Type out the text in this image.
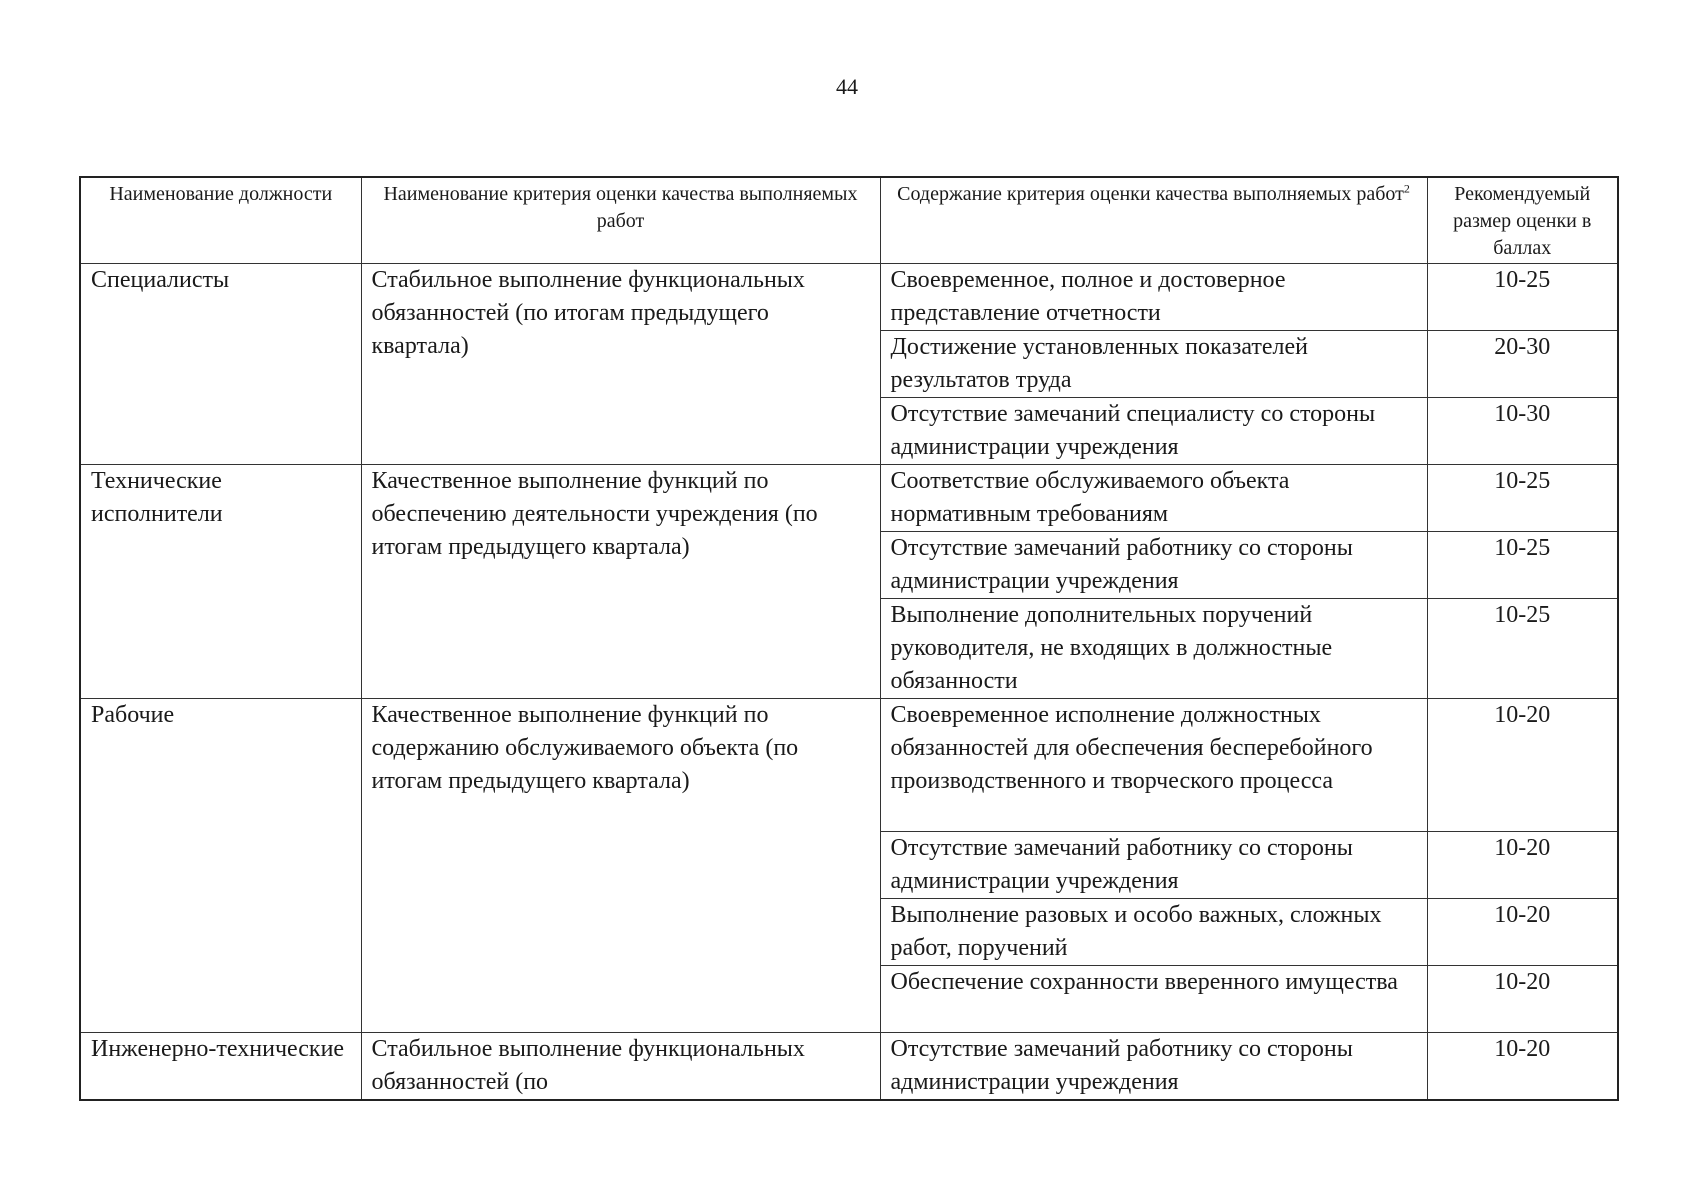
44
Наименование должности	Наименование критерия оценки качества выполняемых работ	Содержание критерия оценки качества выполняемых работ$^2$	Рекомендуемый размер оценки в баллах
Специалисты	Стабильное выполнение функциональных обязанностей (по итогам предыдущего квартала)	Своевременное, полное и достоверное представление отчетности	10-25
		Достижение установленных показателей результатов труда	20-30
		Отсутствие замечаний специалисту со стороны администрации учреждения	10-30
Технические исполнители	Качественное выполнение функций по обеспечению деятельности учреждения (по итогам предыдущего квартала)	Соответствие обслуживаемого объекта нормативным требованиям	10-25
		Отсутствие замечаний работнику со стороны администрации учреждения	10-25
		Выполнение дополнительных поручений руководителя, не входящих в должностные обязанности	10-25
Рабочие	Качественное выполнение функций по содержанию обслуживаемого объекта (по итогам предыдущего квартала)	Своевременное исполнение должностных обязанностей для обеспечения бесперебойного производственного и творческого процесса	10-20
		Отсутствие замечаний работнику со стороны администрации учреждения	10-20
		Выполнение разовых и особо важных, сложных работ, поручений	10-20
		Обеспечение сохранности вверенного имущества	10-20
Инженерно-технические	Стабильное выполнение функциональных обязанностей (по	Отсутствие замечаний работнику со стороны администрации учреждения	10-20
